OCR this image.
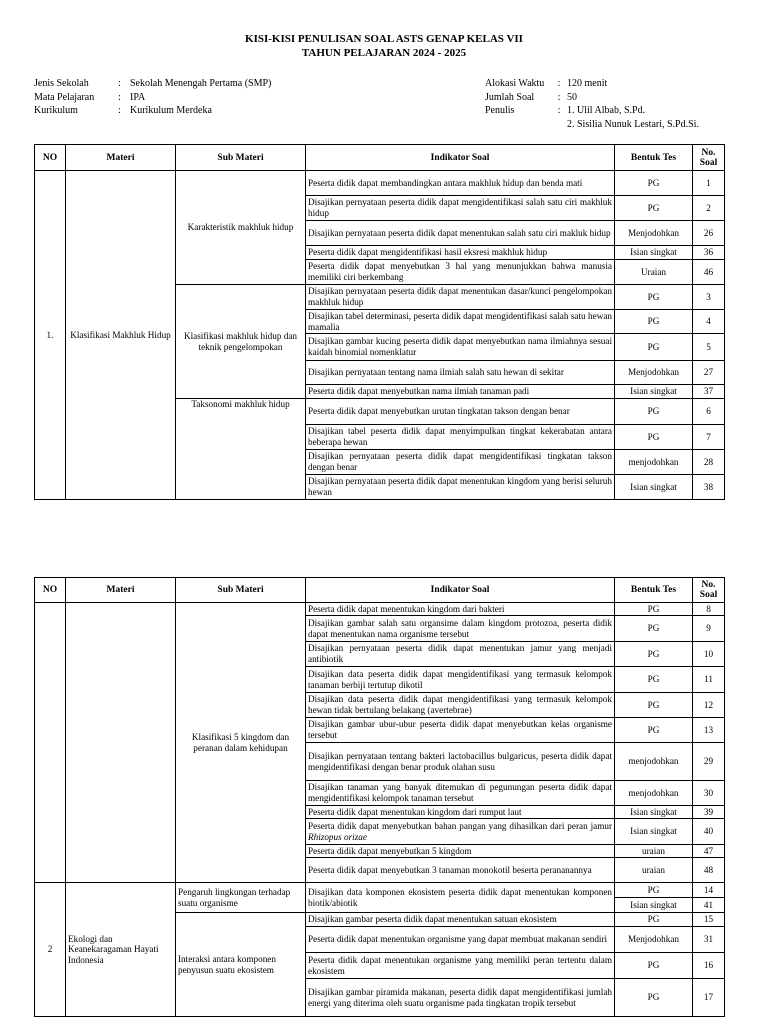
KISI-KISI PENULISAN SOAL ASTS GENAP KELAS VII
TAHUN PELAJARAN 2024 - 2025
Jenis Sekolah	: Sekolah Menengah Pertama (SMP)
Mata Pelajaran : IPA
Kurikulum	: Kurikulum Merdeka
Alokasi Waktu : 120 menit
Jumlah Soal : 50
Penulis	: 1. Ulil Albab, S.Pd.
2. Sisilia Nunuk Lestari, S.Pd.Si.
NO	Materi	Sub Materi	Indikator Soal	Bentuk Tes	No.
Soal
1.	Klasifikasi Makhluk Hidup	Karakteristik makhluk hidup	Peserta didik dapat membandingkan antara makhluk hidup dan benda mati	PG	1
			Disajikan pernyataan peserta didik dapat mengidentifikasi salah satu ciri makhluk hidup	PG	2
			Disajikan pernyataan peserta didik dapat menentukan salah satu ciri makluk hidup	Menjodohkan	26
			Peserta didik dapat mengidentifikasi hasil eksresi makhluk hidup	Isian singkat	36
			Peserta didik dapat menyebutkan 3 hal yang menunjukkan bahwa manusia memiliki ciri berkembang	Uraian	46
		Klasifikasi makhluk hidup dan teknik pengelompokan	Disajikan pernyataan peserta didik dapat menentukan dasar/kunci pengelompokan makhluk hidup	PG	3
			Disajikan tabel determinasi, peserta didik dapat mengidentifikasi salah satu hewan mamalia	PG	4
			Disajikan gambar kucing peserta didik dapat menyebutkan nama ilmiahnya sesuai kaidah binomial nomenklatur	PG	5
			Disajikan pernyataan tentang nama ilmiah salah satu hewan di sekitar	Menjodohkan	27
			Peserta didik dapat menyebutkan nama ilmiah tanaman padi	Isian singkat	37
		Taksonomi makhluk hidup	Peserta didik dapat menyebutkan urutan tingkatan takson dengan benar	PG	6
			Disajikan tabel peserta didik dapat menyimpulkan tingkat kekerabatan antara beberapa hewan	PG	7
			Disajikan pernyataan peserta didik dapat mengidentifikasi tingkatan takson dengan benar	menjodohkan	28
			Disajikan pernyataan peserta didik dapat menentukan kingdom yang berisi seluruh hewan	Isian singkat	38
NO	Materi	Sub Materi	Indikator Soal	Bentuk Tes	No.
Soal
		Klasifikasi 5 kingdom dan peranan dalam kehidupan	Peserta didik dapat menentukan kingdom dari bakteri	PG	8
			Disajikan gambar salah satu organsime dalam kingdom protozoa, peserta didik dapat menentukan nama organisme tersebut	PG	9
			Disajikan pernyataan peserta didik dapat menentukan jamur yang menjadi antibiotik	PG	10
			Disajikan data peserta didik dapat mengidentifikasi yang termasuk kelompok tanaman berbiji tertutup dikotil	PG	11
			Disajikan data peserta didik dapat mengidentifikasi yang termasuk kelompok hewan tidak bertulang belakang (avertebrae)	PG	12
			Disajikan gambar ubur-ubur peserta didik dapat menyebutkan kelas organisme tersebut	PG	13
			Disajikan pernyataan tentang bakteri lactobacillus bulgaricus, peserta didik dapat mengidentifikasi dengan benar produk olahan susu	menjodohkan	29
			Disajikan tanaman yang banyak ditemukan di pegunungan peserta didik dapat mengidentifikasi kelompok tanaman tersebut	menjodohkan	30
			Peserta didik dapat menentukan kingdom dari rumput laut	Isian singkat	39
			Peserta didik dapat menyebutkan bahan pangan yang dihasilkan dari peran jamur Rhizopus orizae	Isian singkat	40
			Peserta didik dapat menyebutkan 5 kingdom	uraian	47
			Peserta didik dapat menyebutkan 3 tanaman monokotil beserta perananannya	uraian	48
2	Ekologi dan Keanekaragaman Hayati Indonesia	Pengaruh lingkungan terhadap suatu organisme	Disajikan data komponen ekosistem peserta didik dapat menentukan komponen biotik/abiotik	PG	14
				Isian singkat	41
		Interaksi antara komponen penyusun suatu ekosistem	Disajikan gambar peserta didik dapat menentukan satuan ekosistem	PG	15
			Peserta didik dapat menentukan organisme yang dapat membuat makanan sendiri	Menjodohkan	31
			Peserta didik dapat menentukan organisme yang memiliki peran tertentu dalam ekosistem	PG	16
			Disajikan gambar piramida makanan, peserta didik dapat mengidentifikasi jumlah energi yang diterima oleh suatu organisme pada tingkatan tropik tersebut	PG	17
